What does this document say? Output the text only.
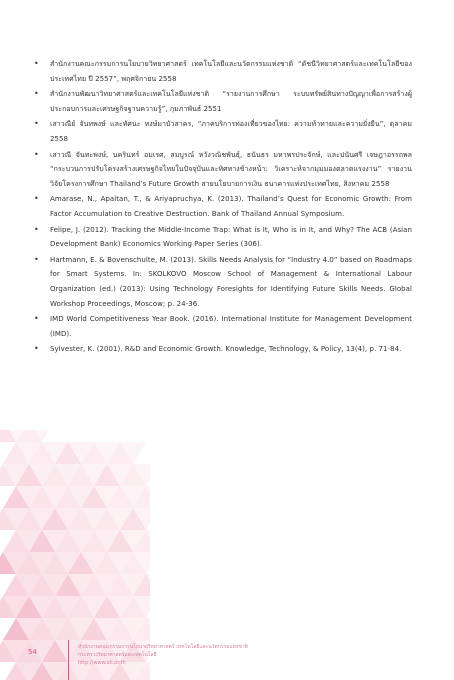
• สำนักงานคณะกรรมการนโยบายวิทยาศาสตร์ เทคโนโลยีและนวัตกรรมแห่งชาติ “ดัชนีวิทยาศาสตร์และเทคโนโลยีของประเทศไทย ปี 2557”, พฤศจิกายน 2558
• สำนักงานพัฒนาวิทยาศาสตร์และเทคโนโลยีแห่งชาติ “รายงานการศึกษา ระบบทรัพย์สินทางปัญญาเพื่อการสร้างผู้ประกอบการและเศรษฐกิจฐานความรู้”, กุมภาพันธ์ 2551
• เสาวณีย์ จันทพงษ์ และทัศนะ หงษ์มาบัวสาคร, “ภาคบริการท่องเที่ยวของไทย: ความท้าทายและความยั่งยืน”, ตุลาคม 2558
• เสาวณี จันทะพงษ์, นครินทร์ อมเรศ, สมบูรณ์ หวังวณิชพันธุ์, ธนันธร มหาพรประจักษ์, และปนันศรี เจษฎาอรรถพล “กระบวนการปรับโครงสร้างเศรษฐกิจไทยในปัจจุบันและทิศทางข้างหน้า: วิเคราะห์จากมุมมองตลาดแรงงาน” รายงานวิจัยโครงการศึกษา Thailand’s Future Growth สายนโยบายการเงิน ธนาคารแห่งประเทศไทย, สิงหาคม 2558
• Amarase, N., Apaitan, T., & Ariyapruchya, K. (2013). Thailand’s Quest for Economic Growth: From Factor Accumulation to Creative Destruction. Bank of Thailand Annual Symposium.
• Felipe, J. (2012). Tracking the Middle-Income Trap: What is It, Who is in It, and Why? The ACB (Asian Development Bank) Economics Working Paper Series (306).
• Hartmann, E. & Bovenschulte, M. (2013). Skills Needs Analysis for “Industry 4.0” based on Roadmaps for Smart Systems. In: SKOLKOVO Moscow School of Management & International Labour Organization (ed.) (2013): Using Technology Foresights for Identifying Future Skills Needs. Global Workshop Proceedings, Moscow; p. 24-36.
• IMD World Competitiveness Year Book. (2016). International Institute for Management Development (IMD).
• Sylvester, K. (2001). R&D and Economic Growth. Knowledge, Technology, & Policy, 13(4), p. 71-84.
54
สำนักงานคณะกรรมการนโยบายวิทยาศาสตร์ เทคโนโลยีและนวัตกรรมแห่งชาติ
กระทรวงวิทยาศาสตร์และเทคโนโลยี
http://www.sti.or.th
